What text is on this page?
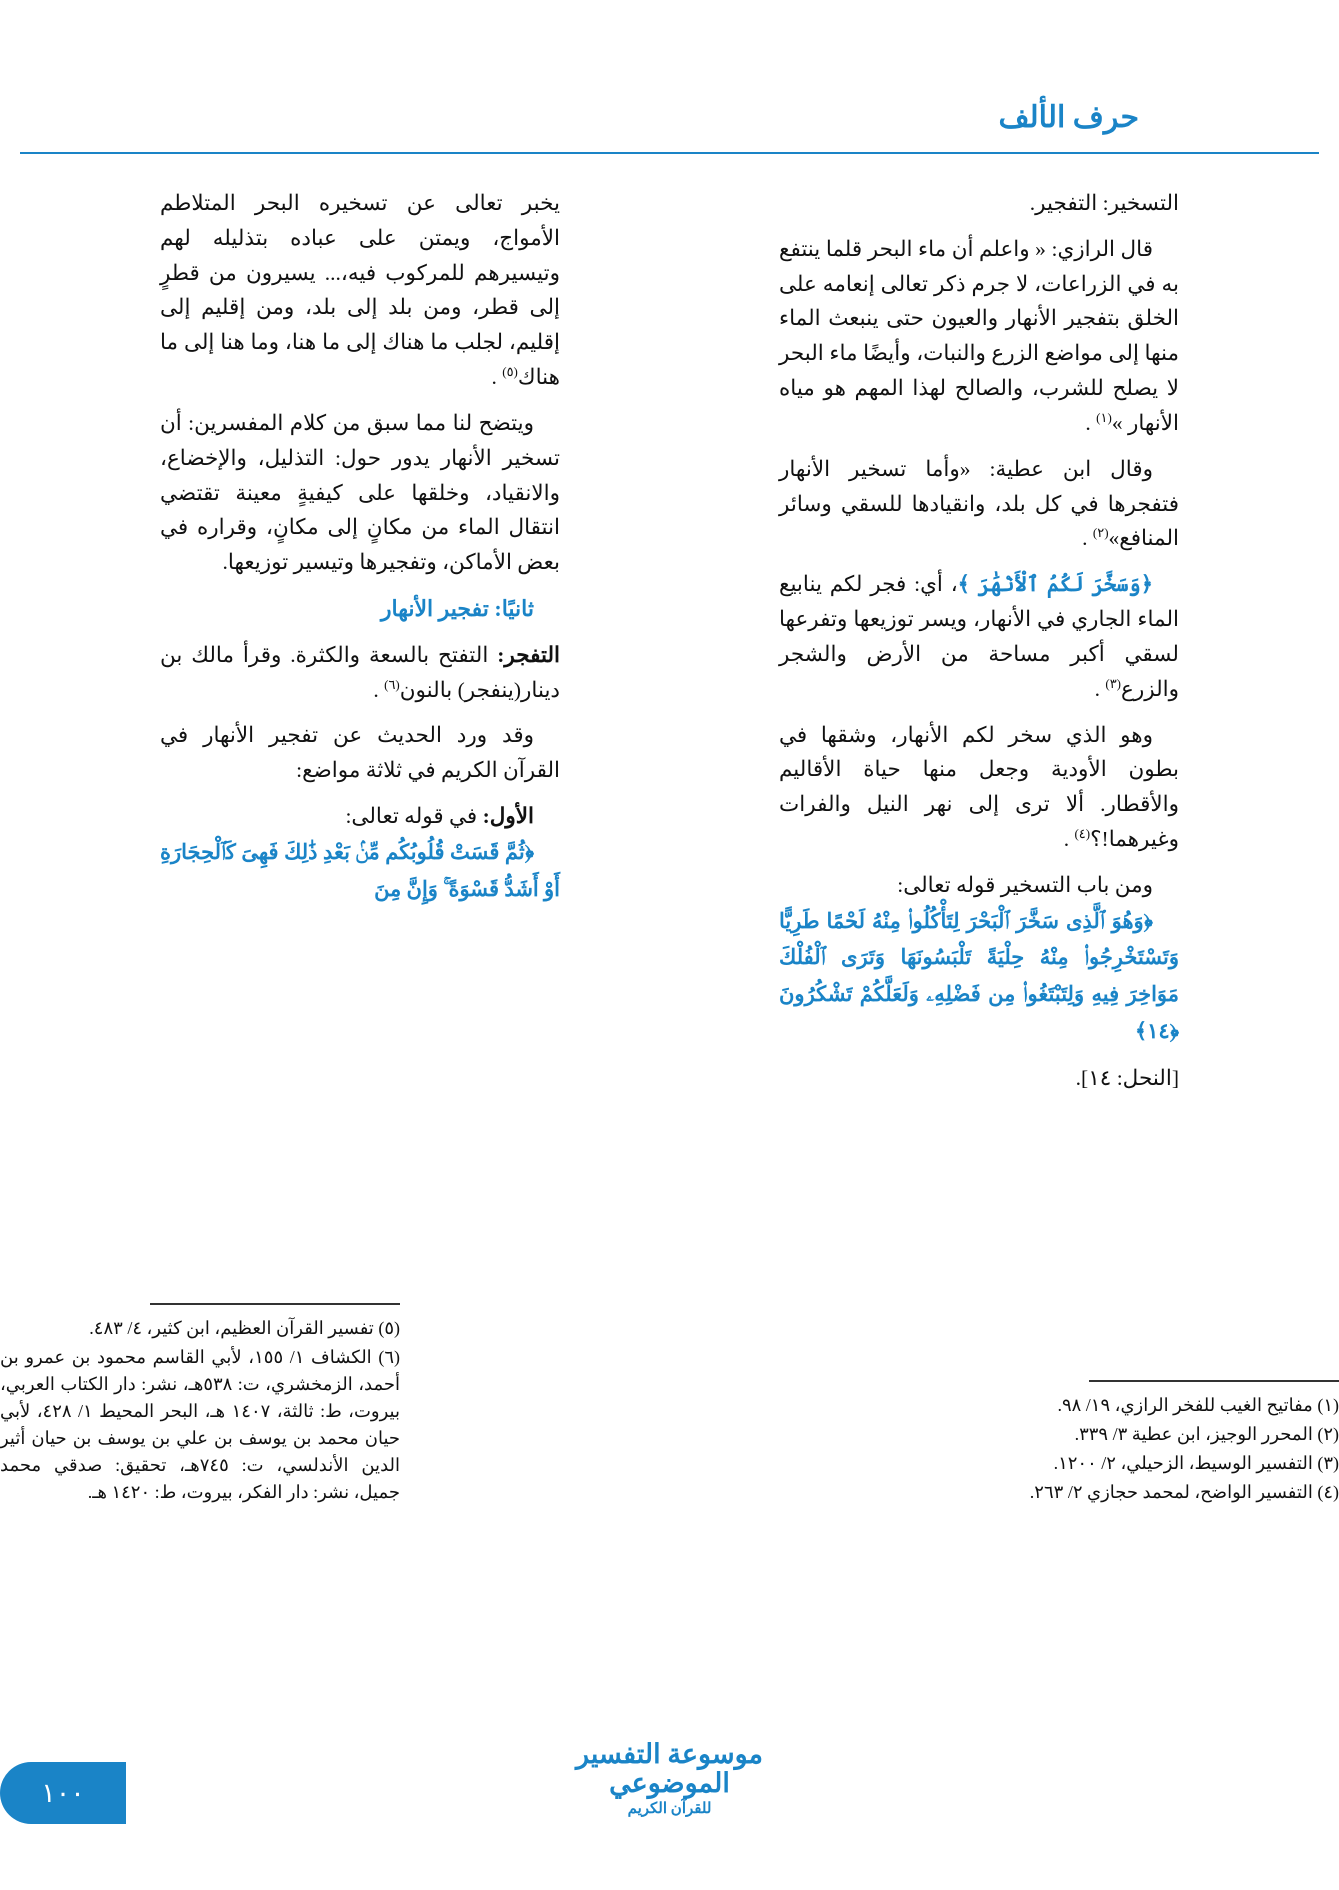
حرف الألف

التسخير: التفجير.

قال الرازي: « واعلم أن ماء البحر قلما ينتفع به في الزراعات، لا جرم ذكر تعالى إنعامه على الخلق بتفجير الأنهار والعيون حتى ينبعث الماء منها إلى مواضع الزرع والنبات، وأيضًا ماء البحر لا يصلح للشرب، والصالح لهذا المهم هو مياه الأنهار »$^{(١)}$ .

وقال ابن عطية: «وأما تسخير الأنهار فتفجرها في كل بلد، وانقيادها للسقي وسائر المنافع»$^{(٢)}$ .

﴿وَسَخَّرَ لَكُمُ ٱلْأَنْهَٰرَ ﴾، أي: فجر لكم ينابيع الماء الجاري في الأنهار، ويسر توزيعها وتفرعها لسقي أكبر مساحة من الأرض والشجر والزرع$^{(٣)}$ .

وهو الذي سخر لكم الأنهار، وشقها في بطون الأودية وجعل منها حياة الأقاليم والأقطار. ألا ترى إلى نهر النيل والفرات وغيرهما!؟$^{(٤)}$ .

ومن باب التسخير قوله تعالى:
﴿وَهُوَ ٱلَّذِى سَخَّرَ ٱلْبَحْرَ لِتَأْكُلُوا۟ مِنْهُ لَحْمًا طَرِيًّا وَتَسْتَخْرِجُوا۟ مِنْهُ حِلْيَةً تَلْبَسُونَهَا وَتَرَى ٱلْفُلْكَ مَوَاخِرَ فِيهِ وَلِتَبْتَغُوا۟ مِن فَضْلِهِۦ وَلَعَلَّكُمْ تَشْكُرُونَ ﴿١٤﴾

[النحل: ١٤].

يخبر تعالى عن تسخيره البحر المتلاطم الأمواج، ويمتن على عباده بتذليله لهم وتيسيرهم للمركوب فيه،... يسيرون من قطرٍ إلى قطر، ومن بلد إلى بلد، ومن إقليم إلى إقليم، لجلب ما هناك إلى ما هنا، وما هنا إلى ما هناك$^{(٥)}$ .

ويتضح لنا مما سبق من كلام المفسرين: أن تسخير الأنهار يدور حول: التذليل، والإخضاع، والانقياد، وخلقها على كيفيةٍ معينة تقتضي انتقال الماء من مكانٍ إلى مكانٍ، وقراره في بعض الأماكن، وتفجيرها وتيسير توزيعها.

ثانيًا: تفجير الأنهار

التفجر: التفتح بالسعة والكثرة. وقرأ مالك بن دينار(ينفجر) بالنون$^{(٦)}$ .

وقد ورد الحديث عن تفجير الأنهار في القرآن الكريم في ثلاثة مواضع:

الأول: في قوله تعالى:
﴿ثُمَّ قَسَتْ قُلُوبُكُم مِّنۢ بَعْدِ ذَٰلِكَ فَهِىَ كَٱلْحِجَارَةِ أَوْ أَشَدُّ قَسْوَةً ۚ وَإِنَّ مِنَ

(١) مفاتيح الغيب للفخر الرازي، ١٩/ ٩٨.
(٢) المحرر الوجيز، ابن عطية ٣/ ٣٣٩.
(٣) التفسير الوسيط، الزحيلي، ٢/ ١٢٠٠.
(٤) التفسير الواضح، لمحمد حجازي ٢/ ٢٦٣.
(٥) تفسير القرآن العظيم، ابن كثير، ٤/ ٤٨٣.
(٦) الكشاف ١/ ١٥٥، لأبي القاسم محمود بن عمرو بن أحمد، الزمخشري، ت: ٥٣٨هـ، نشر: دار الكتاب العربي، بيروت، ط: ثالثة، ١٤٠٧ هـ، البحر المحيط ١/ ٤٢٨، لأبي حيان محمد بن يوسف بن علي بن يوسف بن حيان أثير الدين الأندلسي، ت: ٧٤٥هـ، تحقيق: صدقي محمد جميل، نشر: دار الفكر، بيروت، ط: ١٤٢٠ هـ.
موسوعة التفسير الموضوعي
للقرآن الكريم
١٠٠
